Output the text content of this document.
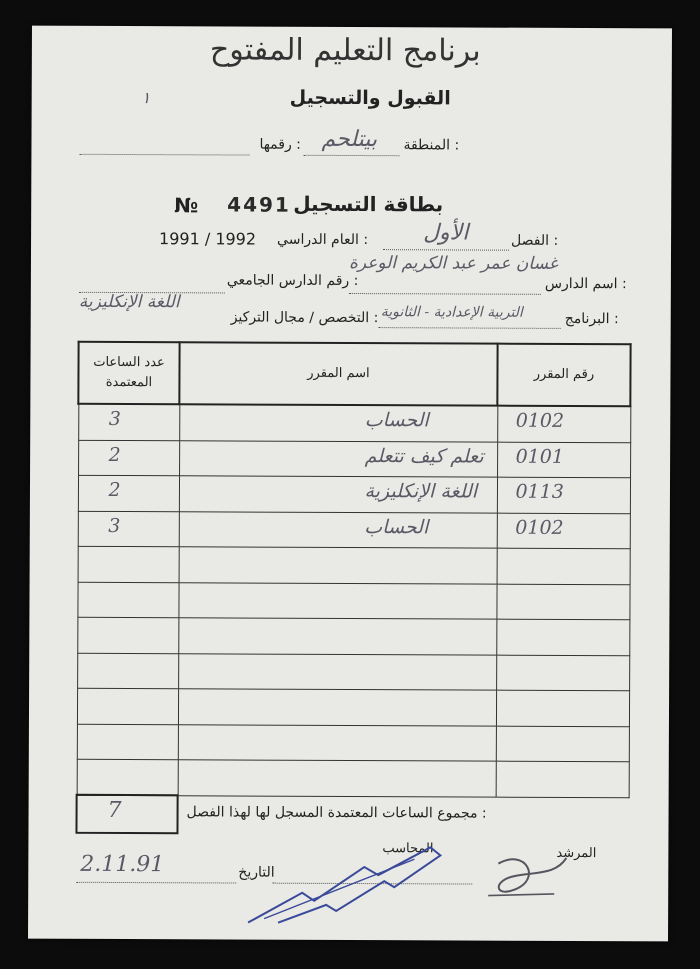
برنامج التعليم المفتوح
١	القبول والتسجيل
المنطقة :
بيتلحم
رقمها :
№ 4491 بطاقة التسجيل
الفصل :
الأول
العام الدراسي :
1991 / 1992
اسم الدارس :
غسان عمر عبد الكريم الوعرة
رقم الدارس الجامعي :
البرنامج :
التربية الإعدادية - الثانوية
التخصص / مجال التركيز :
اللغة الإنكليزية
عدد الساعات المعتمدة	اسم المقرر	رقم المقرر

3	الحساب	0102

2	تعلم كيف تتعلم	0101

2	اللغة الإنكليزية	0113

3	الحساب	0102

7	مجموع الساعات المعتمدة المسجل لها لهذا الفصل :
المرشد
المحاسب
التاريخ
2.11.91
